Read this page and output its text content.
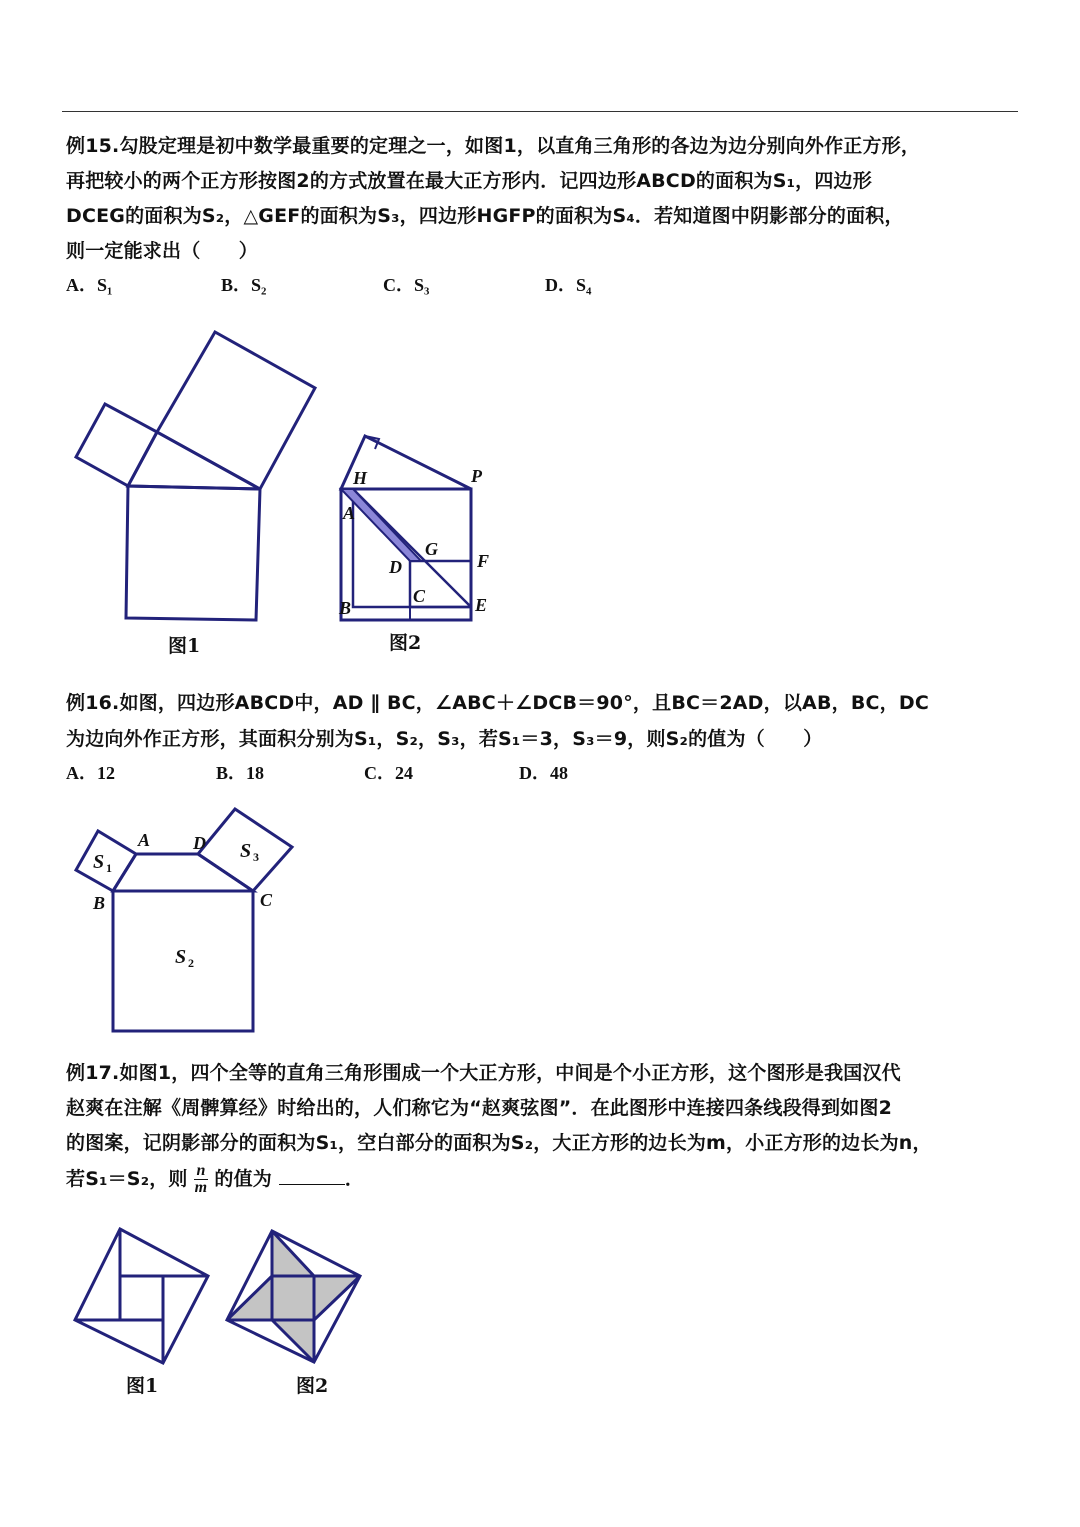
例15.勾股定理是初中数学最重要的定理之一，如图1，以直角三角形的各边为边分别向外作正方形，
再把较小的两个正方形按图2的方式放置在最大正方形内．记四边形ABCD的面积为S₁，四边形
DCEG的面积为S₂，△GEF的面积为S₃，四边形HGFP的面积为S₄．若知道图中阴影部分的面积，
则一定能求出（　　）
A．S₁	B．S₂	C．S₃	D．S₄
图1
H	P
A
G
F
D
C
B	E
图2
例16.如图，四边形ABCD中，AD ∥ BC，∠ABC＋∠DCB＝90°，且BC＝2AD，以AB，BC，DC
为边向外作正方形，其面积分别为S₁，S₂，S₃，若S₁＝3，S₃＝9，则S₂的值为（　　）
A．12	B．18	C．24	D．48
A D
B	C
S 1
S 3
S 2
例17.如图1，四个全等的直角三角形围成一个大正方形，中间是个小正方形，这个图形是我国汉代
赵爽在注解《周髀算经》时给出的，人们称它为“赵爽弦图”．在此图形中连接四条线段得到如图2
的图案，记阴影部分的面积为S₁，空白部分的面积为S₂，大正方形的边长为m，小正方形的边长为n，
若S₁＝S₂，则 $\frac{n}{m}$ 的值为	．
图1	图2
